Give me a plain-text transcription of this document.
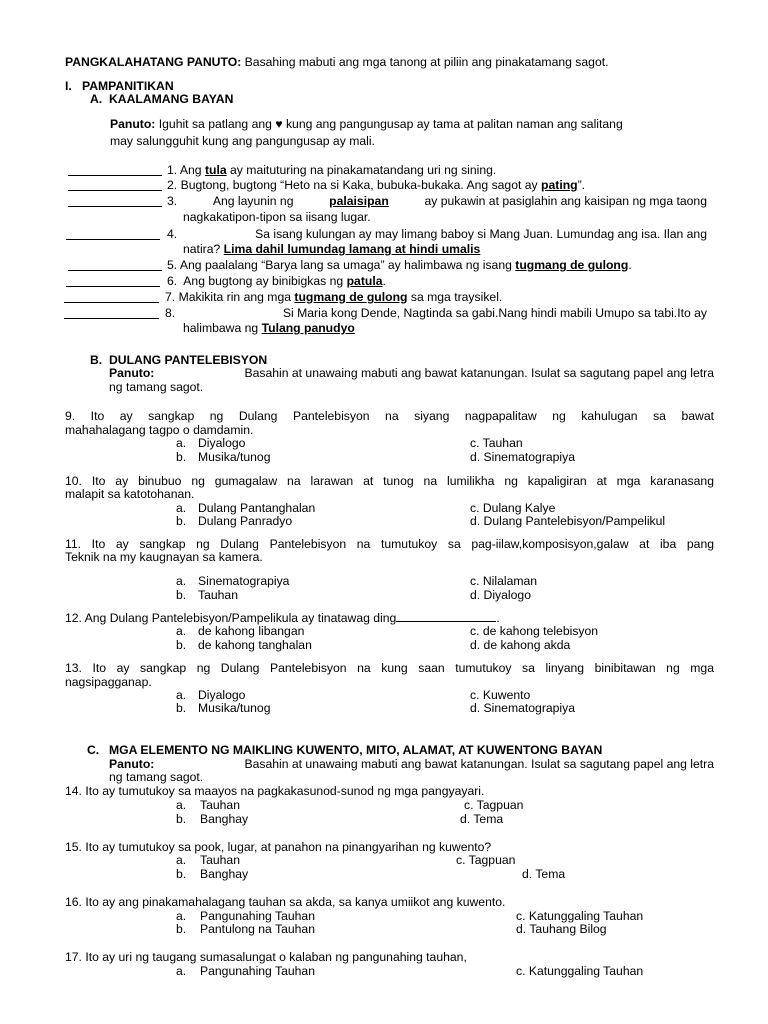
PANGKALAHATANG PANUTO: Basahing mabuti ang mga tanong at piliin ang pinakatamang sagot.
I. PAMPANITIKAN
A. KAALAMANG BAYAN
Panuto: Iguhit sa patlang ang ♥ kung ang pangungusap ay tama at palitan naman ang salitang
may salungguhit kung ang pangungusap ay mali.
1. Ang tula ay maituturing na pinakamatandang uri ng sining.
2. Bugtong, bugtong “Heto na si Kaka, bubuka-bukaka. Ang sagot ay pating”.
3.	Ang layunin ng	palaisipan	ay pukawin at pasiglahin ang kaisipan ng mga taong
nagkakatipon-tipon sa iisang lugar.
4.	Sa isang kulungan ay may limang baboy si Mang Juan. Lumundag ang isa. Ilan ang
natira? Lima dahil lumundag lamang at hindi umalis
5. Ang paalalang “Barya lang sa umaga” ay halimbawa ng isang tugmang de gulong.
6. Ang bugtong ay binibigkas ng patula.
7. Makikita rin ang mga tugmang de gulong sa mga traysikel.
8.	Si Maria kong Dende, Nagtinda sa gabi.Nang hindi mabili Umupo sa tabi.Ito ay
halimbawa ng Tulang panudyo
B. DULANG PANTELEBISYON
Panuto:	Basahin at unawaing mabuti ang bawat katanungan. Isulat sa sagutang papel ang letra
ng tamang sagot.
9. Ito ay sangkap ng Dulang Pantelebisyon na siyang nagpapalitaw ng kahulugan sa bawat
mahahalagang tagpo o damdamin.
a. Diyalogo	c. Tauhan
b. Musika/tunog	d. Sinematograpiya
10. Ito ay binubuo ng gumagalaw na larawan at tunog na lumilikha ng kapaligiran at mga karanasang
malapit sa katotohanan.
a. Dulang Pantanghalan	c. Dulang Kalye
b. Dulang Panradyo	d. Dulang Pantelebisyon/Pampelikul
11. Ito ay sangkap ng Dulang Pantelebisyon na tumutukoy sa pag-iilaw,komposisyon,galaw at iba pang
Teknik na my kaugnayan sa kamera.
a. Sinematograpiya	c. Nilalaman
b. Tauhan	d. Diyalogo
12. Ang Dulang Pantelebisyon/Pampelikula ay tinatawag ding	.
a. de kahong libangan	c. de kahong telebisyon
b. de kahong tanghalan	d. de kahong akda
13. Ito ay sangkap ng Dulang Pantelebisyon na kung saan tumutukoy sa linyang binibitawan ng mga
nagsipagganap.
a. Diyalogo	c. Kuwento
b. Musika/tunog	d. Sinematograpiya
C. MGA ELEMENTO NG MAIKLING KUWENTO, MITO, ALAMAT, AT KUWENTONG BAYAN
Panuto:	Basahin at unawaing mabuti ang bawat katanungan. Isulat sa sagutang papel ang letra
ng tamang sagot.
14. Ito ay tumutukoy sa maayos na pagkakasunod-sunod ng mga pangyayari.
a. Tauhan	c. Tagpuan
b. Banghay	d. Tema
15. Ito ay tumutukoy sa pook, lugar, at panahon na pinangyarihan ng kuwento?
a. Tauhan	c. Tagpuan
b. Banghay	d. Tema
16. Ito ay ang pinakamahalagang tauhan sa akda, sa kanya umiikot ang kuwento.
a. Pangunahing Tauhan	c. Katunggaling Tauhan
b. Pantulong na Tauhan	d. Tauhang Bilog
17. Ito ay uri ng taugang sumasalungat o kalaban ng pangunahing tauhan,
a. Pangunahing Tauhan	c. Katunggaling Tauhan
